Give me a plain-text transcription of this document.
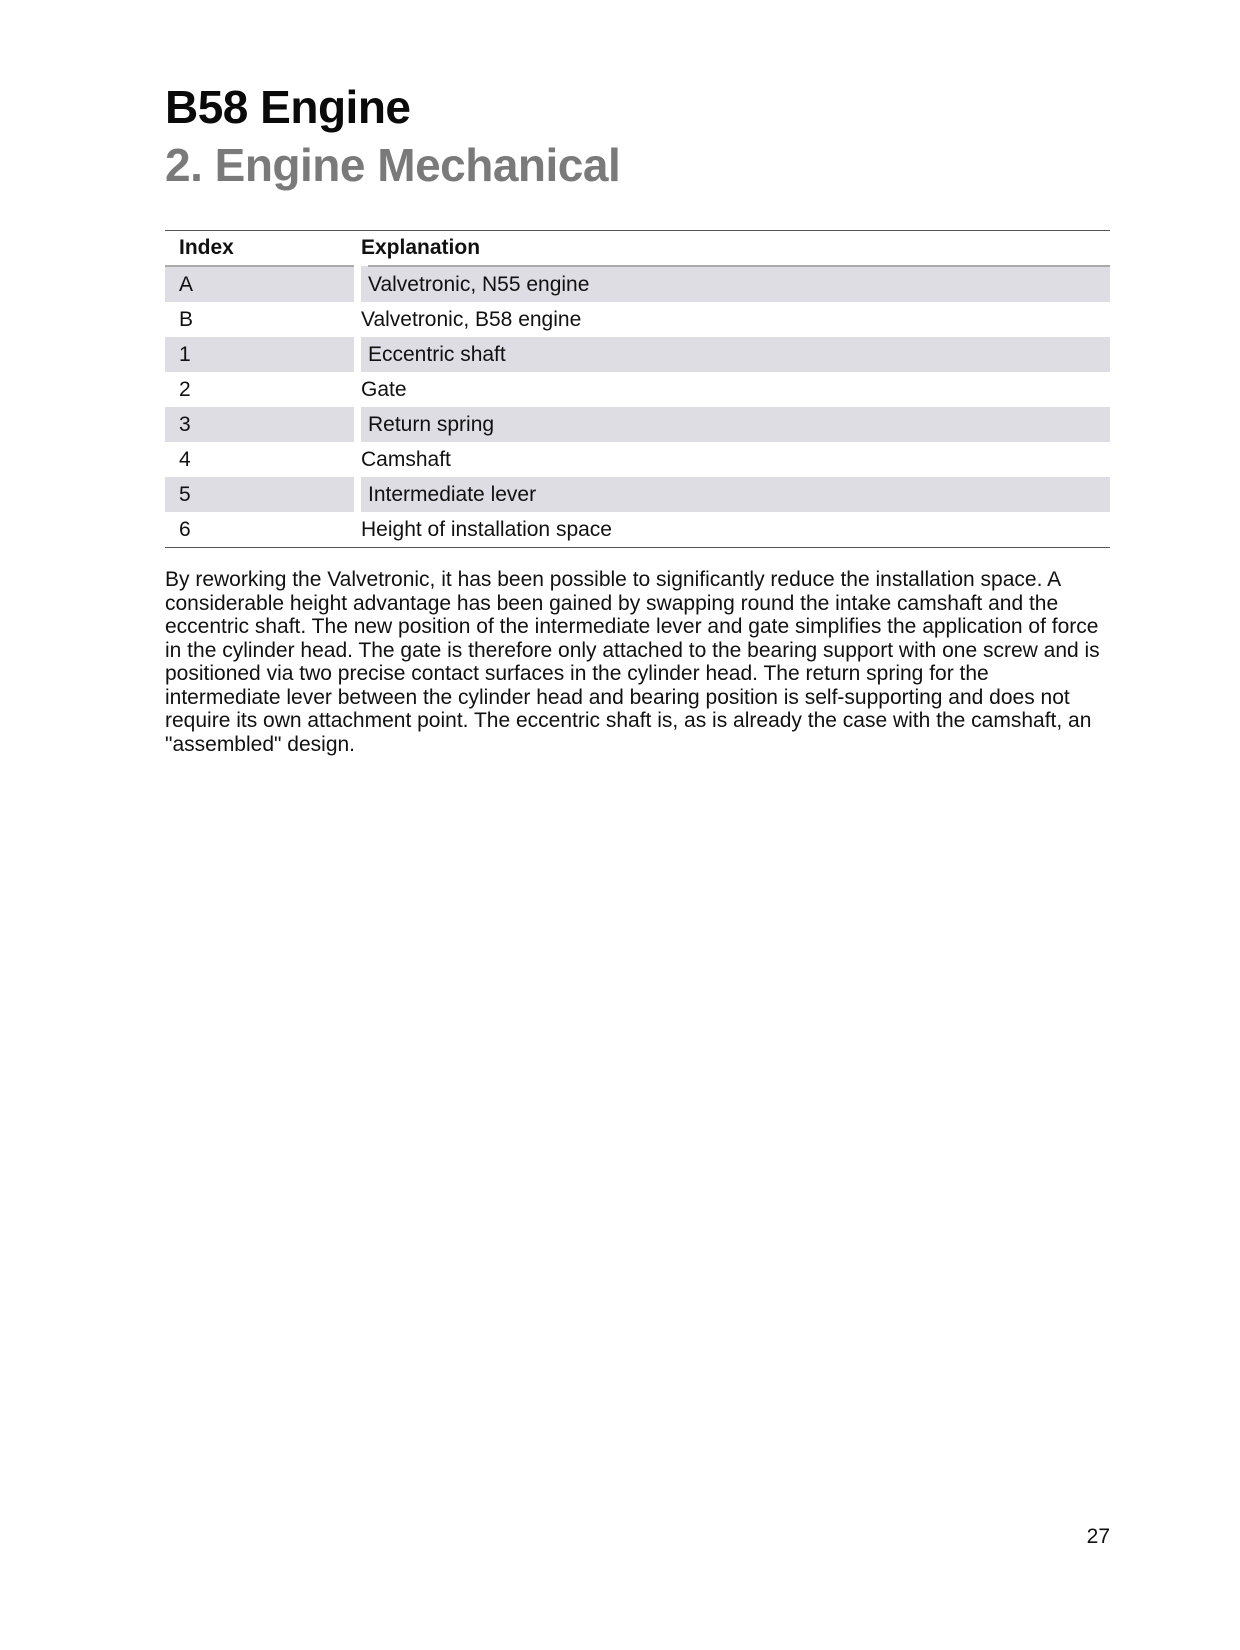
B58 Engine
2. Engine Mechanical
Index	Explanation
A	Valvetronic, N55 engine
B	Valvetronic, B58 engine
1	Eccentric shaft
2	Gate
3	Return spring
4	Camshaft
5	Intermediate lever
6	Height of installation space

By reworking the Valvetronic, it has been possible to significantly reduce the installation space. A considerable height advantage has been gained by swapping round the intake camshaft and the eccentric shaft. The new position of the intermediate lever and gate simplifies the application of force in the cylinder head. The gate is therefore only attached to the bearing support with one screw and is positioned via two precise contact surfaces in the cylinder head. The return spring for the intermediate lever between the cylinder head and bearing position is self-supporting and does not require its own attachment point. The eccentric shaft is, as is already the case with the camshaft, an "assembled" design.

27
